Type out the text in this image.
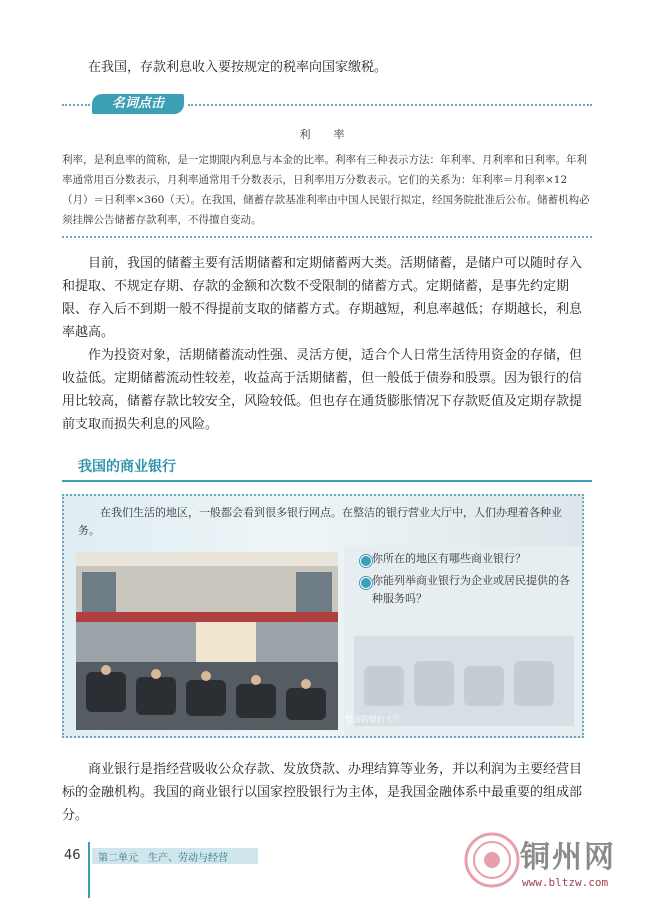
在我国，存款利息收入要按规定的税率向国家缴税。

名词点击
利　率

利率，是利息率的简称，是一定期限内利息与本金的比率。利率有三种表示方法：年利率、月利率和日利率。年利率通常用百分数表示，月利率通常用千分数表示，日利率用万分数表示。它们的关系为：年利率＝月利率×12（月）＝日利率×360（天）。在我国，储蓄存款基准利率由中国人民银行拟定，经国务院批准后公布。储蓄机构必须挂牌公告储蓄存款利率，不得擅自变动。

目前，我国的储蓄主要有活期储蓄和定期储蓄两大类。活期储蓄，是储户可以随时存入和提取、不规定存期、存款的金额和次数不受限制的储蓄方式。定期储蓄，是事先约定期限、存入后不到期一般不得提前支取的储蓄方式。存期越短，利息率越低；存期越长，利息率越高。

作为投资对象，活期储蓄流动性强、灵活方便，适合个人日常生活待用资金的存储，但收益低。定期储蓄流动性较差，收益高于活期储蓄，但一般低于债券和股票。因为银行的信用比较高，储蓄存款比较安全，风险较低。但也存在通货膨胀情况下存款贬值及定期存款提前支取而损失利息的风险。

我国的商业银行

在我们生活的地区，一般都会看到很多银行网点。在整洁的银行营业大厅中，人们办理着各种业务。

整洁的银行大厅
你所在的地区有哪些商业银行？
你能列举商业银行为企业或居民提供的各种服务吗？

商业银行是指经营吸收公众存款、发放贷款、办理结算等业务，并以利润为主要经营目标的金融机构。我国的商业银行以国家控股银行为主体，是我国金融体系中最重要的组成部分。

46 第二单元　生产、劳动与经营	铜州网
www.bltzw.com
